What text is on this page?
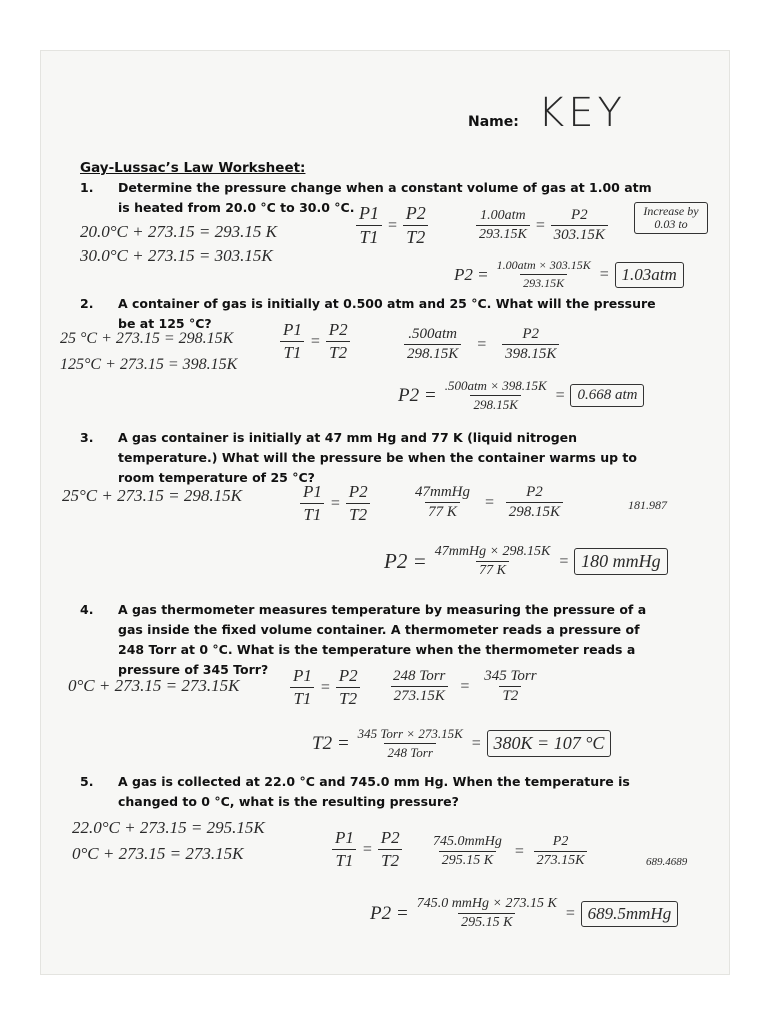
Name: KEY
Gay-Lussac’s Law Worksheet:
1. Determine the pressure change when a constant volume of gas at 1.00 atm is heated from 20.0 °C to 30.0 °C.
20.0°C + 273.15 = 293.15 K
30.0°C + 273.15 = 303.15K
$\frac{P1}{T1} = \frac{P2}{T2}$	$\frac{\text{1.00atm}}{293.15K} = \frac{P2}{303.15K}$	Increase by 0.03 to
$P2 = \frac{\text{1.00atm × 303.15K}}{293.15K} = 1.03atm$
2. A container of gas is initially at 0.500 atm and 25 °C. What will the pressure be at 125 °C?
25 °C + 273.15 = 298.15K
125°C + 273.15 = 398.15K
$\frac{P1}{T1} = \frac{P2}{T2}$	$\frac{\text{.500atm}}{298.15K}$ =	$\frac{P2}{398.15K}$
$P2 = \frac{\text{.500atm × 398.15K}}{298.15K} = 0.668$ atm
3. A gas container is initially at 47 mm Hg and 77 K (liquid nitrogen temperature.) What will the pressure be when the container warms up to room temperature of 25 °C?
25°C + 273.15 = 298.15K	$\frac{P1}{T1} = \frac{P2}{T2}$	$\frac{\text{47mmHg}}{77 K} = \frac{P2}{298.15K}$	181.987
$P2 = \frac{\text{47mmHg × 298.15K}}{77 K} = 180$ mmHg
4. A gas thermometer measures temperature by measuring the pressure of a gas inside the fixed volume container. A thermometer reads a pressure of 248 Torr at 0 °C. What is the temperature when the thermometer reads a pressure of 345 Torr?
0°C + 273.15 = 273.15K	$\frac{P1}{T1} = \frac{P2}{T2} \frac{\text{248 Torr}}{273.15K} = \frac{\text{345 Torr}}{T2}$
$T2 = \frac{\text{345 Torr × 273.15K}}{\text{248 Torr}} = 380K = 107$ °C
5. A gas is collected at 22.0 °C and 745.0 mm Hg. When the temperature is changed to 0 °C, what is the resulting pressure?
22.0°C + 273.15 = 295.15K
0°C + 273.15 = 273.15K	$\frac{P1}{T1} = \frac{P2}{T2} \frac{\text{745.0mmHg}}{295.15 K} = \frac{P2}{273.15K}$	689.4689
$P2 = \frac{\text{745.0 mmHg × 273.15 K}}{295.15 K}$ = 689.5mmHg
